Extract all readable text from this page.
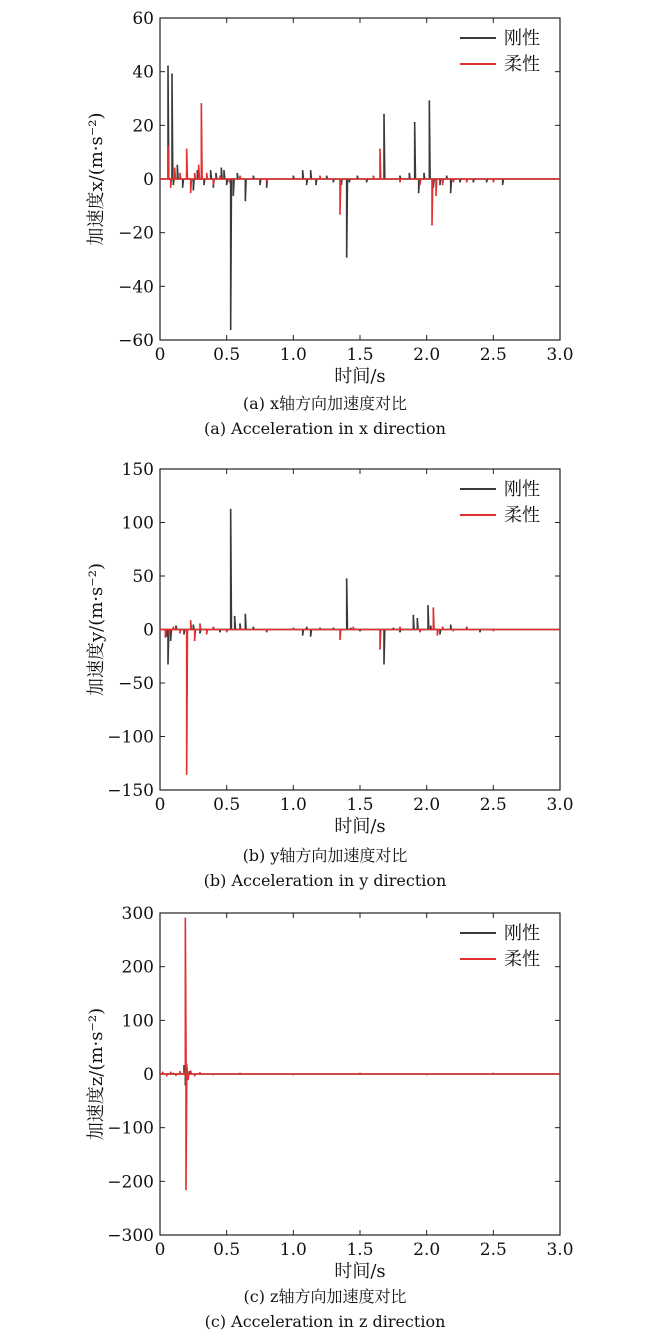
0	0.5 1.0 1.5 2.0 2.5 3.0
60
40
20
0
−20
−40
−60
时间/s
加速度x/(m·s⁻²)
刚性
柔性
(a) x轴方向加速度对比
(a) Acceleration in x direction
0	0.5 1.0 1.5 2.0 2.5 3.0
150
100
50
0
−50
−100
−150
时间/s
加速度y/(m·s⁻²)
刚性
柔性
(b) y轴方向加速度对比
(b) Acceleration in y direction
0	0.5 1.0 1.5 2.0 2.5 3.0
300
200
100
0
−100
−200
−300
时间/s
加速度z/(m·s⁻²)
刚性
柔性
(c) z轴方向加速度对比
(c) Acceleration in z direction
